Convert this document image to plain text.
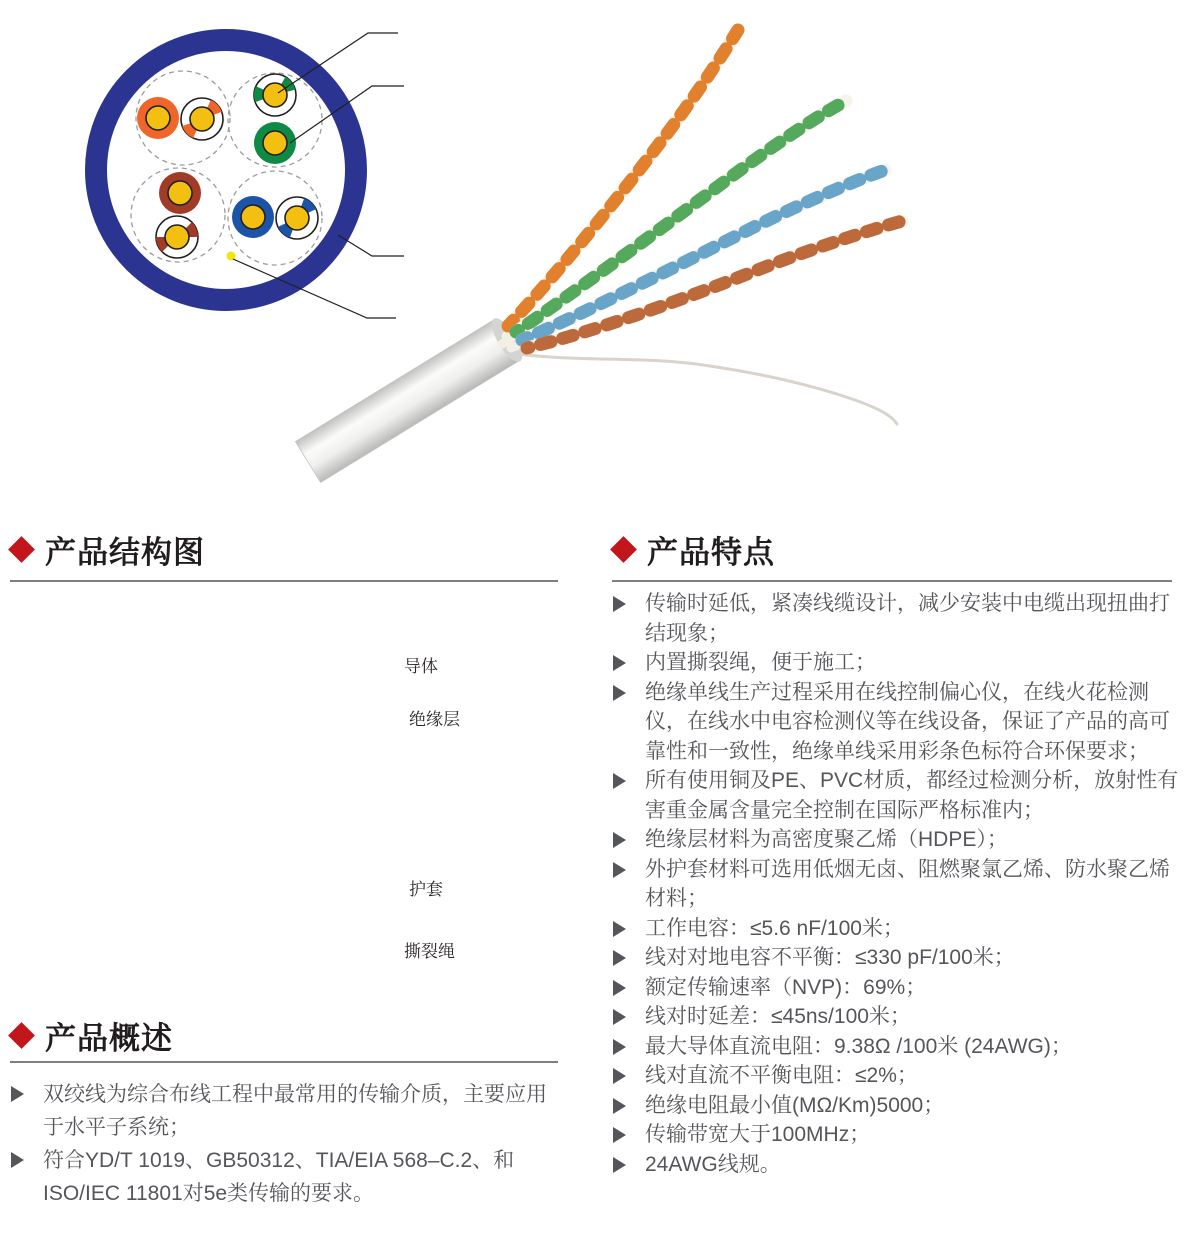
产品结构图
导体
绝缘层
护套
撕裂绳
产品概述
双绞线为综合布线工程中最常用的传输介质，主要应用于水平子系统；
符合YD/T 1019、GB50312、TIA/EIA 568–C.2、和ISO/IEC 11801对5e类传输的要求。
产品特点
传输时延低，紧凑线缆设计，减少安装中电缆出现扭曲打结现象；
内置撕裂绳，便于施工；
绝缘单线生产过程采用在线控制偏心仪，在线火花检测仪，在线水中电容检测仪等在线设备，保证了产品的高可靠性和一致性，绝缘单线采用彩条色标符合环保要求；
所有使用铜及PE、PVC材质，都经过检测分析，放射性有害重金属含量完全控制在国际严格标准内；
绝缘层材料为高密度聚乙烯（HDPE）；
外护套材料可选用低烟无卤、阻燃聚氯乙烯、防水聚乙烯材料；
工作电容：≤5.6 nF/100米；
线对对地电容不平衡：≤330 pF/100米；
额定传输速率（NVP)：69%；
线对时延差：≤45ns/100米；
最大导体直流电阻：9.38Ω /100米 (24AWG)；
线对直流不平衡电阻：≤2%；
绝缘电阻最小值(MΩ/Km)5000；
传输带宽大于100MHz；
24AWG线规。
